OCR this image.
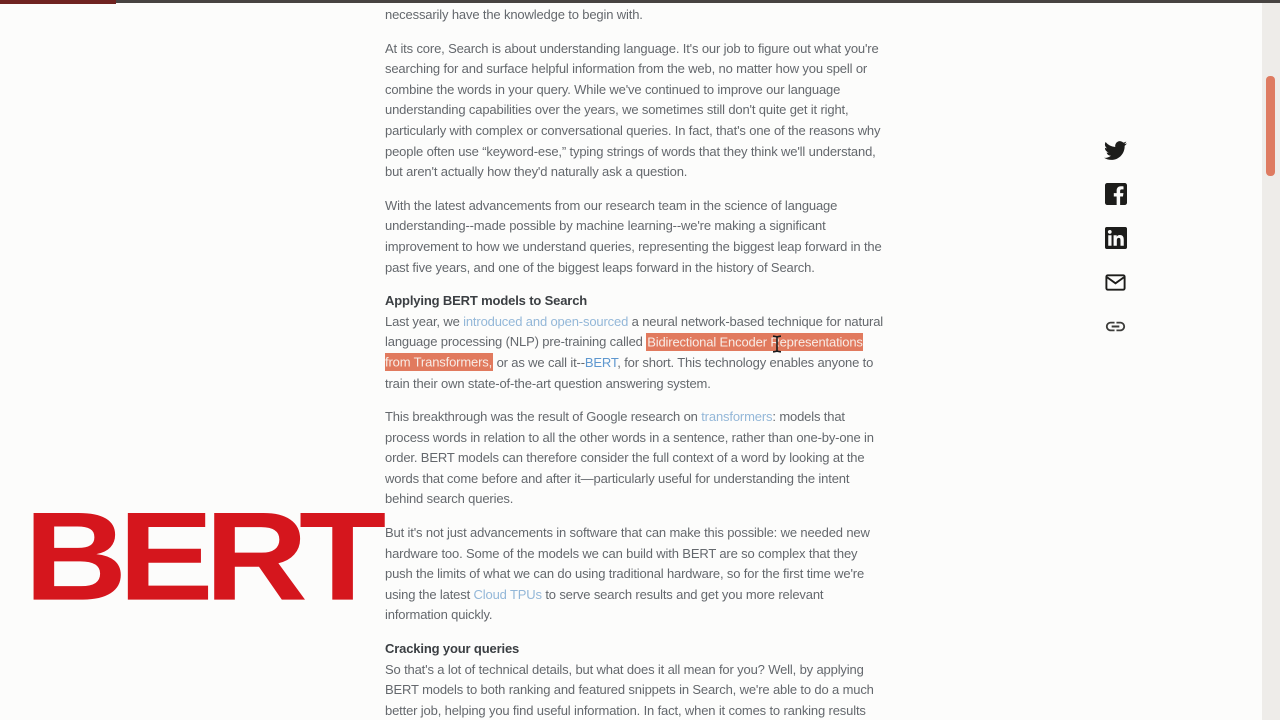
BERT

necessarily have the knowledge to begin with.

At its core, Search is about understanding language. It's our job to figure out what you're searching for and surface helpful information from the web, no matter how you spell or combine the words in your query. While we've continued to improve our language understanding capabilities over the years, we sometimes still don't quite get it right, particularly with complex or conversational queries. In fact, that's one of the reasons why people often use “keyword-ese,” typing strings of words that they think we'll understand, but aren't actually how they'd naturally ask a question.

With the latest advancements from our research team in the science of language understanding--made possible by machine learning--we're making a significant improvement to how we understand queries, representing the biggest leap forward in the past five years, and one of the biggest leaps forward in the history of Search.

Applying BERT models to Search

Last year, we introduced and open-sourced a neural network-based technique for natural language processing (NLP) pre-training called Bidirectional Encoder Representations from Transformers, or as we call it--BERT, for short. This technology enables anyone to train their own state-of-the-art question answering system.

This breakthrough was the result of Google research on transformers: models that process words in relation to all the other words in a sentence, rather than one-by-one in order. BERT models can therefore consider the full context of a word by looking at the words that come before and after it—particularly useful for understanding the intent behind search queries.

But it's not just advancements in software that can make this possible: we needed new hardware too. Some of the models we can build with BERT are so complex that they push the limits of what we can do using traditional hardware, so for the first time we're using the latest Cloud TPUs to serve search results and get you more relevant information quickly.

Cracking your queries

So that's a lot of technical details, but what does it all mean for you? Well, by applying BERT models to both ranking and featured snippets in Search, we're able to do a much better job, helping you find useful information. In fact, when it comes to ranking results
